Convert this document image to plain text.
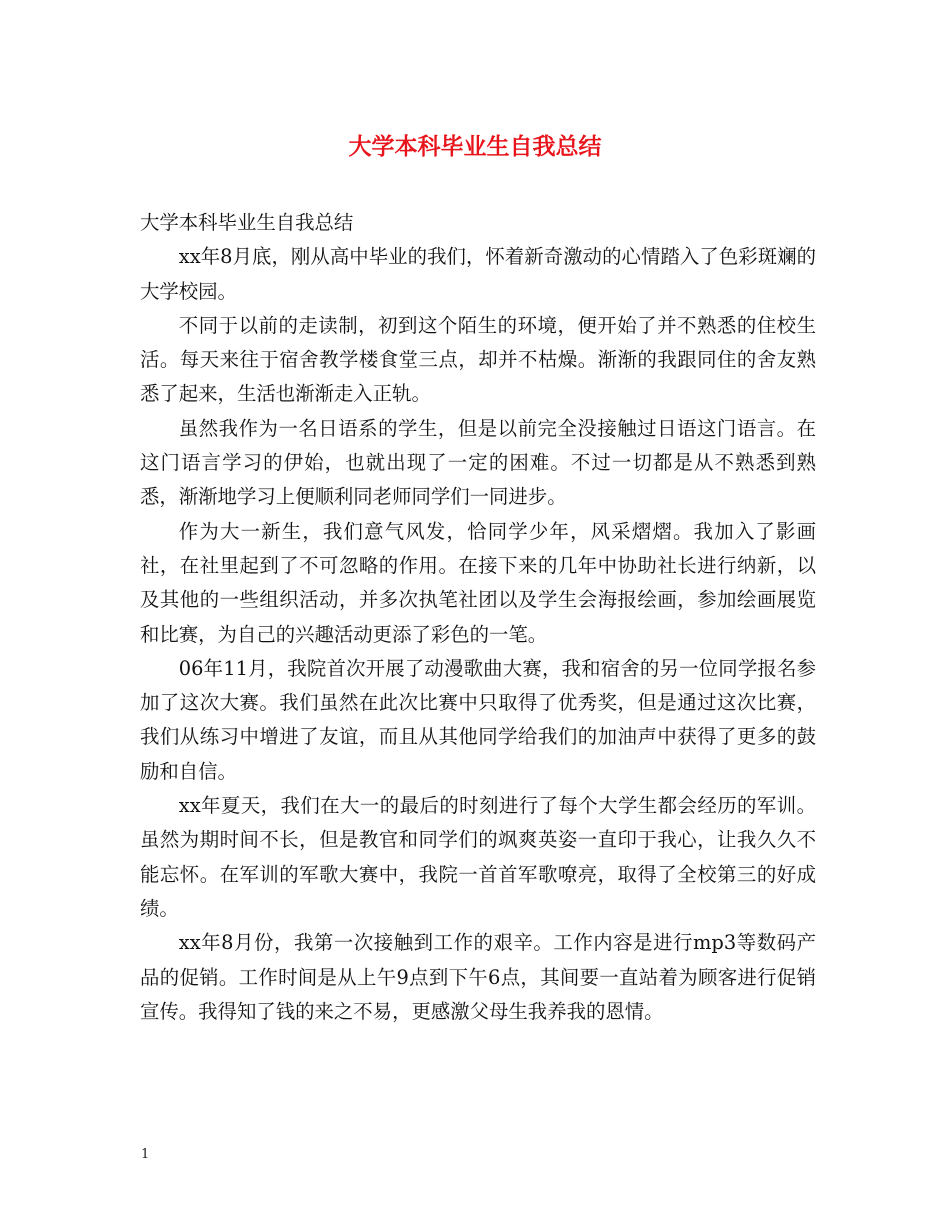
大学本科毕业生自我总结

大学本科毕业生自我总结

xx年8月底，刚从高中毕业的我们，怀着新奇激动的心情踏入了色彩斑斓的大学校园。

不同于以前的走读制，初到这个陌生的环境，便开始了并不熟悉的住校生活。每天来往于宿舍教学楼食堂三点，却并不枯燥。渐渐的我跟同住的舍友熟悉了起来，生活也渐渐走入正轨。

虽然我作为一名日语系的学生，但是以前完全没接触过日语这门语言。在这门语言学习的伊始，也就出现了一定的困难。不过一切都是从不熟悉到熟悉，渐渐地学习上便顺利同老师同学们一同进步。

作为大一新生，我们意气风发，恰同学少年，风采熠熠。我加入了影画社，在社里起到了不可忽略的作用。在接下来的几年中协助社长进行纳新，以及其他的一些组织活动，并多次执笔社团以及学生会海报绘画，参加绘画展览和比赛，为自己的兴趣活动更添了彩色的一笔。

06年11月，我院首次开展了动漫歌曲大赛，我和宿舍的另一位同学报名参加了这次大赛。我们虽然在此次比赛中只取得了优秀奖，但是通过这次比赛，我们从练习中增进了友谊，而且从其他同学给我们的加油声中获得了更多的鼓励和自信。

xx年夏天，我们在大一的最后的时刻进行了每个大学生都会经历的军训。虽然为期时间不长，但是教官和同学们的飒爽英姿一直印于我心，让我久久不能忘怀。在军训的军歌大赛中，我院一首首军歌嘹亮，取得了全校第三的好成绩。

xx年8月份，我第一次接触到工作的艰辛。工作内容是进行mp3等数码产品的促销。工作时间是从上午9点到下午6点，其间要一直站着为顾客进行促销宣传。我得知了钱的来之不易，更感激父母生我养我的恩情。

1
